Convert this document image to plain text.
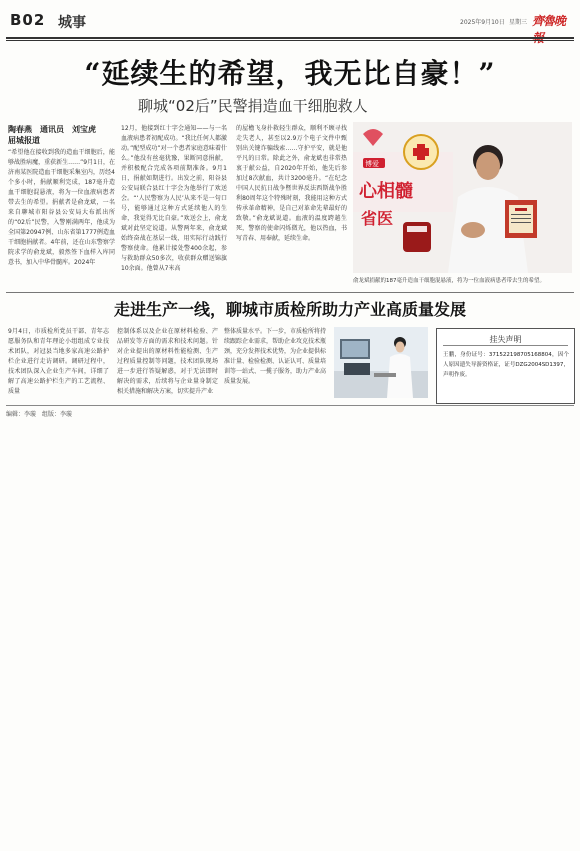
B02 城事	2025年9月10日 星期三 齊魯晚
“延续生的希望，我无比自豪！”
聊城“02后”民警捐造血干细胞救人
陶春燕　通讯员　刘宝虎　　屈城报道
“希望他在接收到我的造血干细胞后，能够战胜病魔，重获新生……”9月1日，在济南某医院造血干细胞采集室内，历经4个多小时，捐献顺利完成，187毫升造血干细胞混悬液，将为一位血液病患者带去生的希望。捐献者是俞龙斌，一名来自聊城市阳谷县公安局大布派出所的“02后”民警，入警刚满两年，他成为全国第20947例、山东省第1777例造血干细胞捐献者。4年前，还在山东警察学院求学的俞龙斌，毅然签下血样入库同意书，加入中华骨髓库。2024年
12月，他接到红十字会通知——与一名血液病患者初配成功。“我比任何人都激动。”配型成功”对一个患者家庭意味着什么。”他没有丝毫犹豫，果断同意捐献，并积极配合完成各项前期准备。9月1日，捐献如期进行。出发之前，阳谷县公安局联合县红十字会为他举行了欢送会。“‘人民警察为人民’从来不是一句口号，能够通过这种方式延续他人的生命，我觉得无比自豪。”欢送会上，俞龙斌对此坚定说道。从警两年来，俞龙斌始终奋战在基层一线，用实际行动践行警察使命。他累计接处警400余起，参与救助群众50多次，收获群众赠送锦旗10余面。他曾从7米高
的屋檐飞身扑救轻生群众，顺利不顾寻找走失老人，甚至以2.9万个电子文件中甄别出关键诈骗线索……守护平安，就是他平凡的日常。除此之外，俞龙斌也非常热衷于献公益，自2020年开始，他先后参加过8次献血，共计3200毫升。“在纪念中国人民抗日战争暨世界反法西斯战争胜利80周年这个特殊时刻，我能用这种方式传承革命精神，是自己对革命先辈最好的致敬。”俞龙斌说道。血液的温度跨越生死，警察的使命闪烁微光，他以热血，书写青春、用奉献，延续生命。
心相髓
省医
博爱
俞龙斌捐献的187毫升造血干细胞混悬液，将为一位血液病患者带去生的希望。
走进生产一线，聊城市质检所助力产业高质量发展
9月4日，市质检所党员干部、青年志愿服务队和青年理论小组组成专业技术团队，对冠县当地多家高速公路护栏企业进行走访调研。调研过程中，技术团队深入企业生产车间，详细了解了高速公路护栏生产的工艺流程、质量
控制体系以及企业在原材料检验、产品研发等方面的需求和技术问题。针对企业提出的原材料性能检测、生产过程质量控制等问题，技术团队现场进一步进行答疑解惑，对于无法即时解决的需求，后续将与企业量身制定相关措施和解决方案，切实提升产业
整体质量水平。下一步，市质检所将持续跟踪企业需求，帮助企业攻克技术瓶颈，充分发挥技术优势，为企业提供标准计量、检验检测、认证认可、质量培训等一站式、一揽子服务，助力产业高质量发展。
挂失声明
王鹏，身份证号：371522198705168804，因个人原因遗失导游资格证，证号DZG2004SD1397，声明作废。
编辑：李璇　组版：李璇
